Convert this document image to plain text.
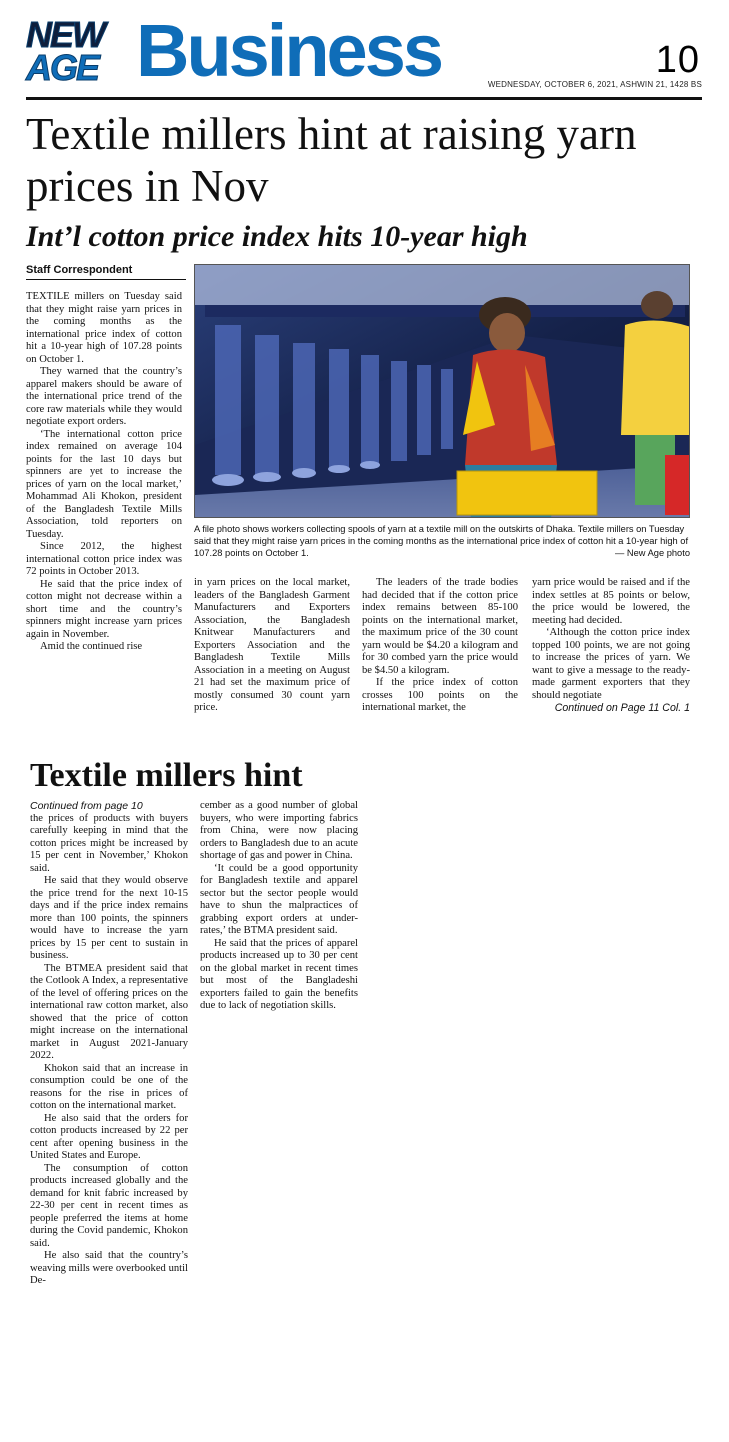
NEW
AGE Business	10
WEDNESDAY, OCTOBER 6, 2021, ASHWIN 21, 1428 BS
Textile millers hint at raising yarn prices in Nov
Int’l cotton price index hits 10-year high
Staff Correspondent

TEXTILE millers on Tuesday said that they might raise yarn prices in the coming months as the international price index of cotton hit a 10-year high of 107.28 points on October 1.

They warned that the country’s apparel makers should be aware of the international price trend of the core raw materials while they would negotiate export orders.

‘The international cotton price index remained on average 104 points for the last 10 days but spinners are yet to increase the prices of yarn on the local market,’ Mohammad Ali Khokon, president of the Bangladesh Textile Mills Association, told reporters on Tuesday.

Since 2012, the highest international cotton price index was 72 points in October 2013.

He said that the price index of cotton might not decrease within a short time and the country’s spinners might increase yarn prices again in November.

Amid the continued rise

A file photo shows workers collecting spools of yarn at a textile mill on the outskirts of Dhaka. Textile millers on Tuesday said that they might raise yarn prices in the coming months as the international price index of cotton hit a 10-year high of 107.28 points on October 1.	— New Age photo

in yarn prices on the local market, leaders of the Bangladesh Garment Manufacturers and Exporters Association, the Bangladesh Knitwear Manufacturers and Exporters Association and the Bangladesh Textile Mills Association in a meeting on August 21 had set the maximum price of mostly consumed 30 count yarn price.

The leaders of the trade bodies had decided that if the cotton price index remains between 85-100 points on the international market, the maximum price of the 30 count yarn would be $4.20 a kilogram and for 30 combed yarn the price would be $4.50 a kilogram.

If the price index of cotton crosses 100 points on the international market, the

yarn price would be raised and if the index settles at 85 points or below, the price would be lowered, the meeting had decided.

‘Although the cotton price index topped 100 points, we are not going to increase the prices of yarn. We want to give a message to the ready-made garment exporters that they should negotiate

Continued on Page 11 Col. 1

Textile millers hint

Continued from page 10

the prices of products with buyers carefully keeping in mind that the cotton prices might be increased by 15 per cent in November,’ Khokon said.

He said that they would observe the price trend for the next 10-15 days and if the price index remains more than 100 points, the spinners would have to increase the yarn prices by 15 per cent to sustain in business.

The BTMEA president said that the Cotlook A Index, a representative of the level of offering prices on the international raw cotton market, also showed that the price of cotton might increase on the international market in August 2021-January 2022.

Khokon said that an increase in consumption could be one of the reasons for the rise in prices of cotton on the international market.

He also said that the orders for cotton products increased by 22 per cent after opening business in the United States and Europe.

The consumption of cotton products increased globally and the demand for knit fabric increased by 22-30 per cent in recent times as people preferred the items at home during the Covid pandemic, Khokon said.

He also said that the country’s weaving mills were overbooked until De-

cember as a good number of global buyers, who were importing fabrics from China, were now placing orders to Bangladesh due to an acute shortage of gas and power in China.

‘It could be a good opportunity for Bangladesh textile and apparel sector but the sector people would have to shun the malpractices of grabbing export orders at under-rates,’ the BTMA president said.

He said that the prices of apparel products increased up to 30 per cent on the global market in recent times but most of the Bangladeshi exporters failed to gain the benefits due to lack of negotiation skills.
